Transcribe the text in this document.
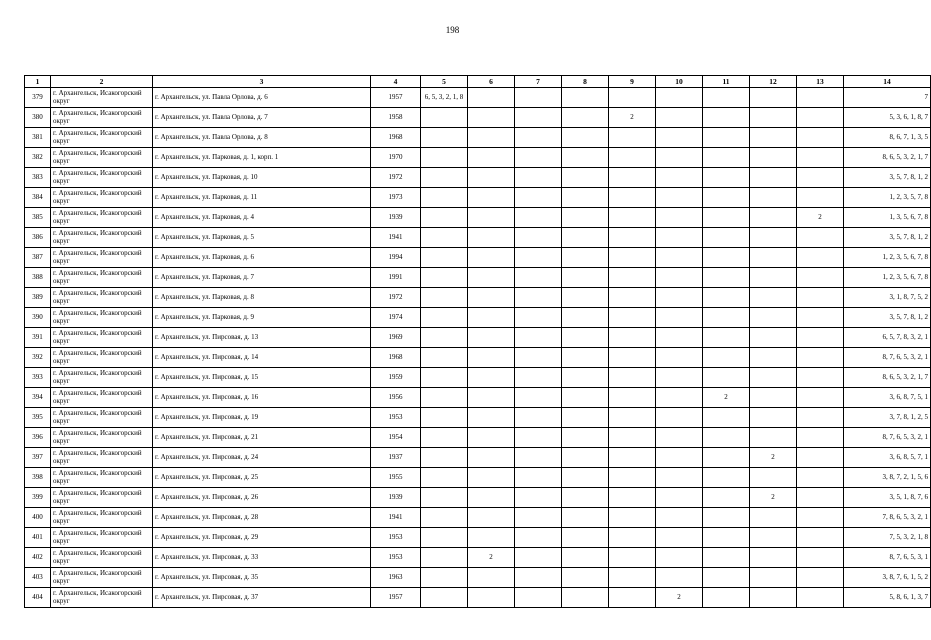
198
1	2	3	4	5	6	7	8	9	10	11	12	13	14
379	г. Архангельск, Исакогорский округ	г. Архангельск, ул. Павла Орлова, д. 6	1957	6, 5, 3, 2, 1, 8									7
380	г. Архангельск, Исакогорский округ	г. Архангельск, ул. Павла Орлова, д. 7	1958					2					5, 3, 6, 1, 8, 7
381	г. Архангельск, Исакогорский округ	г. Архангельск, ул. Павла Орлова, д. 8	1968										8, 6, 7, 1, 3, 5
382	г. Архангельск, Исакогорский округ	г. Архангельск, ул. Парковая, д. 1, корп. 1	1970										8, 6, 5, 3, 2, 1, 7
383	г. Архангельск, Исакогорский округ	г. Архангельск, ул. Парковая, д. 10	1972										3, 5, 7, 8, 1, 2
384	г. Архангельск, Исакогорский округ	г. Архангельск, ул. Парковая, д. 11	1973										1, 2, 3, 5, 7, 8
385	г. Архангельск, Исакогорский округ	г. Архангельск, ул. Парковая, д. 4	1939									2	1, 3, 5, 6, 7, 8
386	г. Архангельск, Исакогорский округ	г. Архангельск, ул. Парковая, д. 5	1941										3, 5, 7, 8, 1, 2
387	г. Архангельск, Исакогорский округ	г. Архангельск, ул. Парковая, д. 6	1994										1, 2, 3, 5, 6, 7, 8
388	г. Архангельск, Исакогорский округ	г. Архангельск, ул. Парковая, д. 7	1991										1, 2, 3, 5, 6, 7, 8
389	г. Архангельск, Исакогорский округ	г. Архангельск, ул. Парковая, д. 8	1972										3, 1, 8, 7, 5, 2
390	г. Архангельск, Исакогорский округ	г. Архангельск, ул. Парковая, д. 9	1974										3, 5, 7, 8, 1, 2
391	г. Архангельск, Исакогорский округ	г. Архангельск, ул. Пирсовая, д. 13	1969										6, 5, 7, 8, 3, 2, 1
392	г. Архангельск, Исакогорский округ	г. Архангельск, ул. Пирсовая, д. 14	1968										8, 7, 6, 5, 3, 2, 1
393	г. Архангельск, Исакогорский округ	г. Архангельск, ул. Пирсовая, д. 15	1959										8, 6, 5, 3, 2, 1, 7
394	г. Архангельск, Исакогорский округ	г. Архангельск, ул. Пирсовая, д. 16	1956							2			3, 6, 8, 7, 5, 1
395	г. Архангельск, Исакогорский округ	г. Архангельск, ул. Пирсовая, д. 19	1953										3, 7, 8, 1, 2, 5
396	г. Архангельск, Исакогорский округ	г. Архангельск, ул. Пирсовая, д. 21	1954										8, 7, 6, 5, 3, 2, 1
397	г. Архангельск, Исакогорский округ	г. Архангельск, ул. Пирсовая, д. 24	1937								2		3, 6, 8, 5, 7, 1
398	г. Архангельск, Исакогорский округ	г. Архангельск, ул. Пирсовая, д. 25	1955										3, 8, 7, 2, 1, 5, 6
399	г. Архангельск, Исакогорский округ	г. Архангельск, ул. Пирсовая, д. 26	1939								2		3, 5, 1, 8, 7, 6
400	г. Архангельск, Исакогорский округ	г. Архангельск, ул. Пирсовая, д. 28	1941										7, 8, 6, 5, 3, 2, 1
401	г. Архангельск, Исакогорский округ	г. Архангельск, ул. Пирсовая, д. 29	1953										7, 5, 3, 2, 1, 8
402	г. Архангельск, Исакогорский округ	г. Архангельск, ул. Пирсовая, д. 33	1953		2								8, 7, 6, 5, 3, 1
403	г. Архангельск, Исакогорский округ	г. Архангельск, ул. Пирсовая, д. 35	1963										3, 8, 7, 6, 1, 5, 2
404	г. Архангельск, Исакогорский округ	г. Архангельск, ул. Пирсовая, д. 37	1957						2				5, 8, 6, 1, 3, 7
